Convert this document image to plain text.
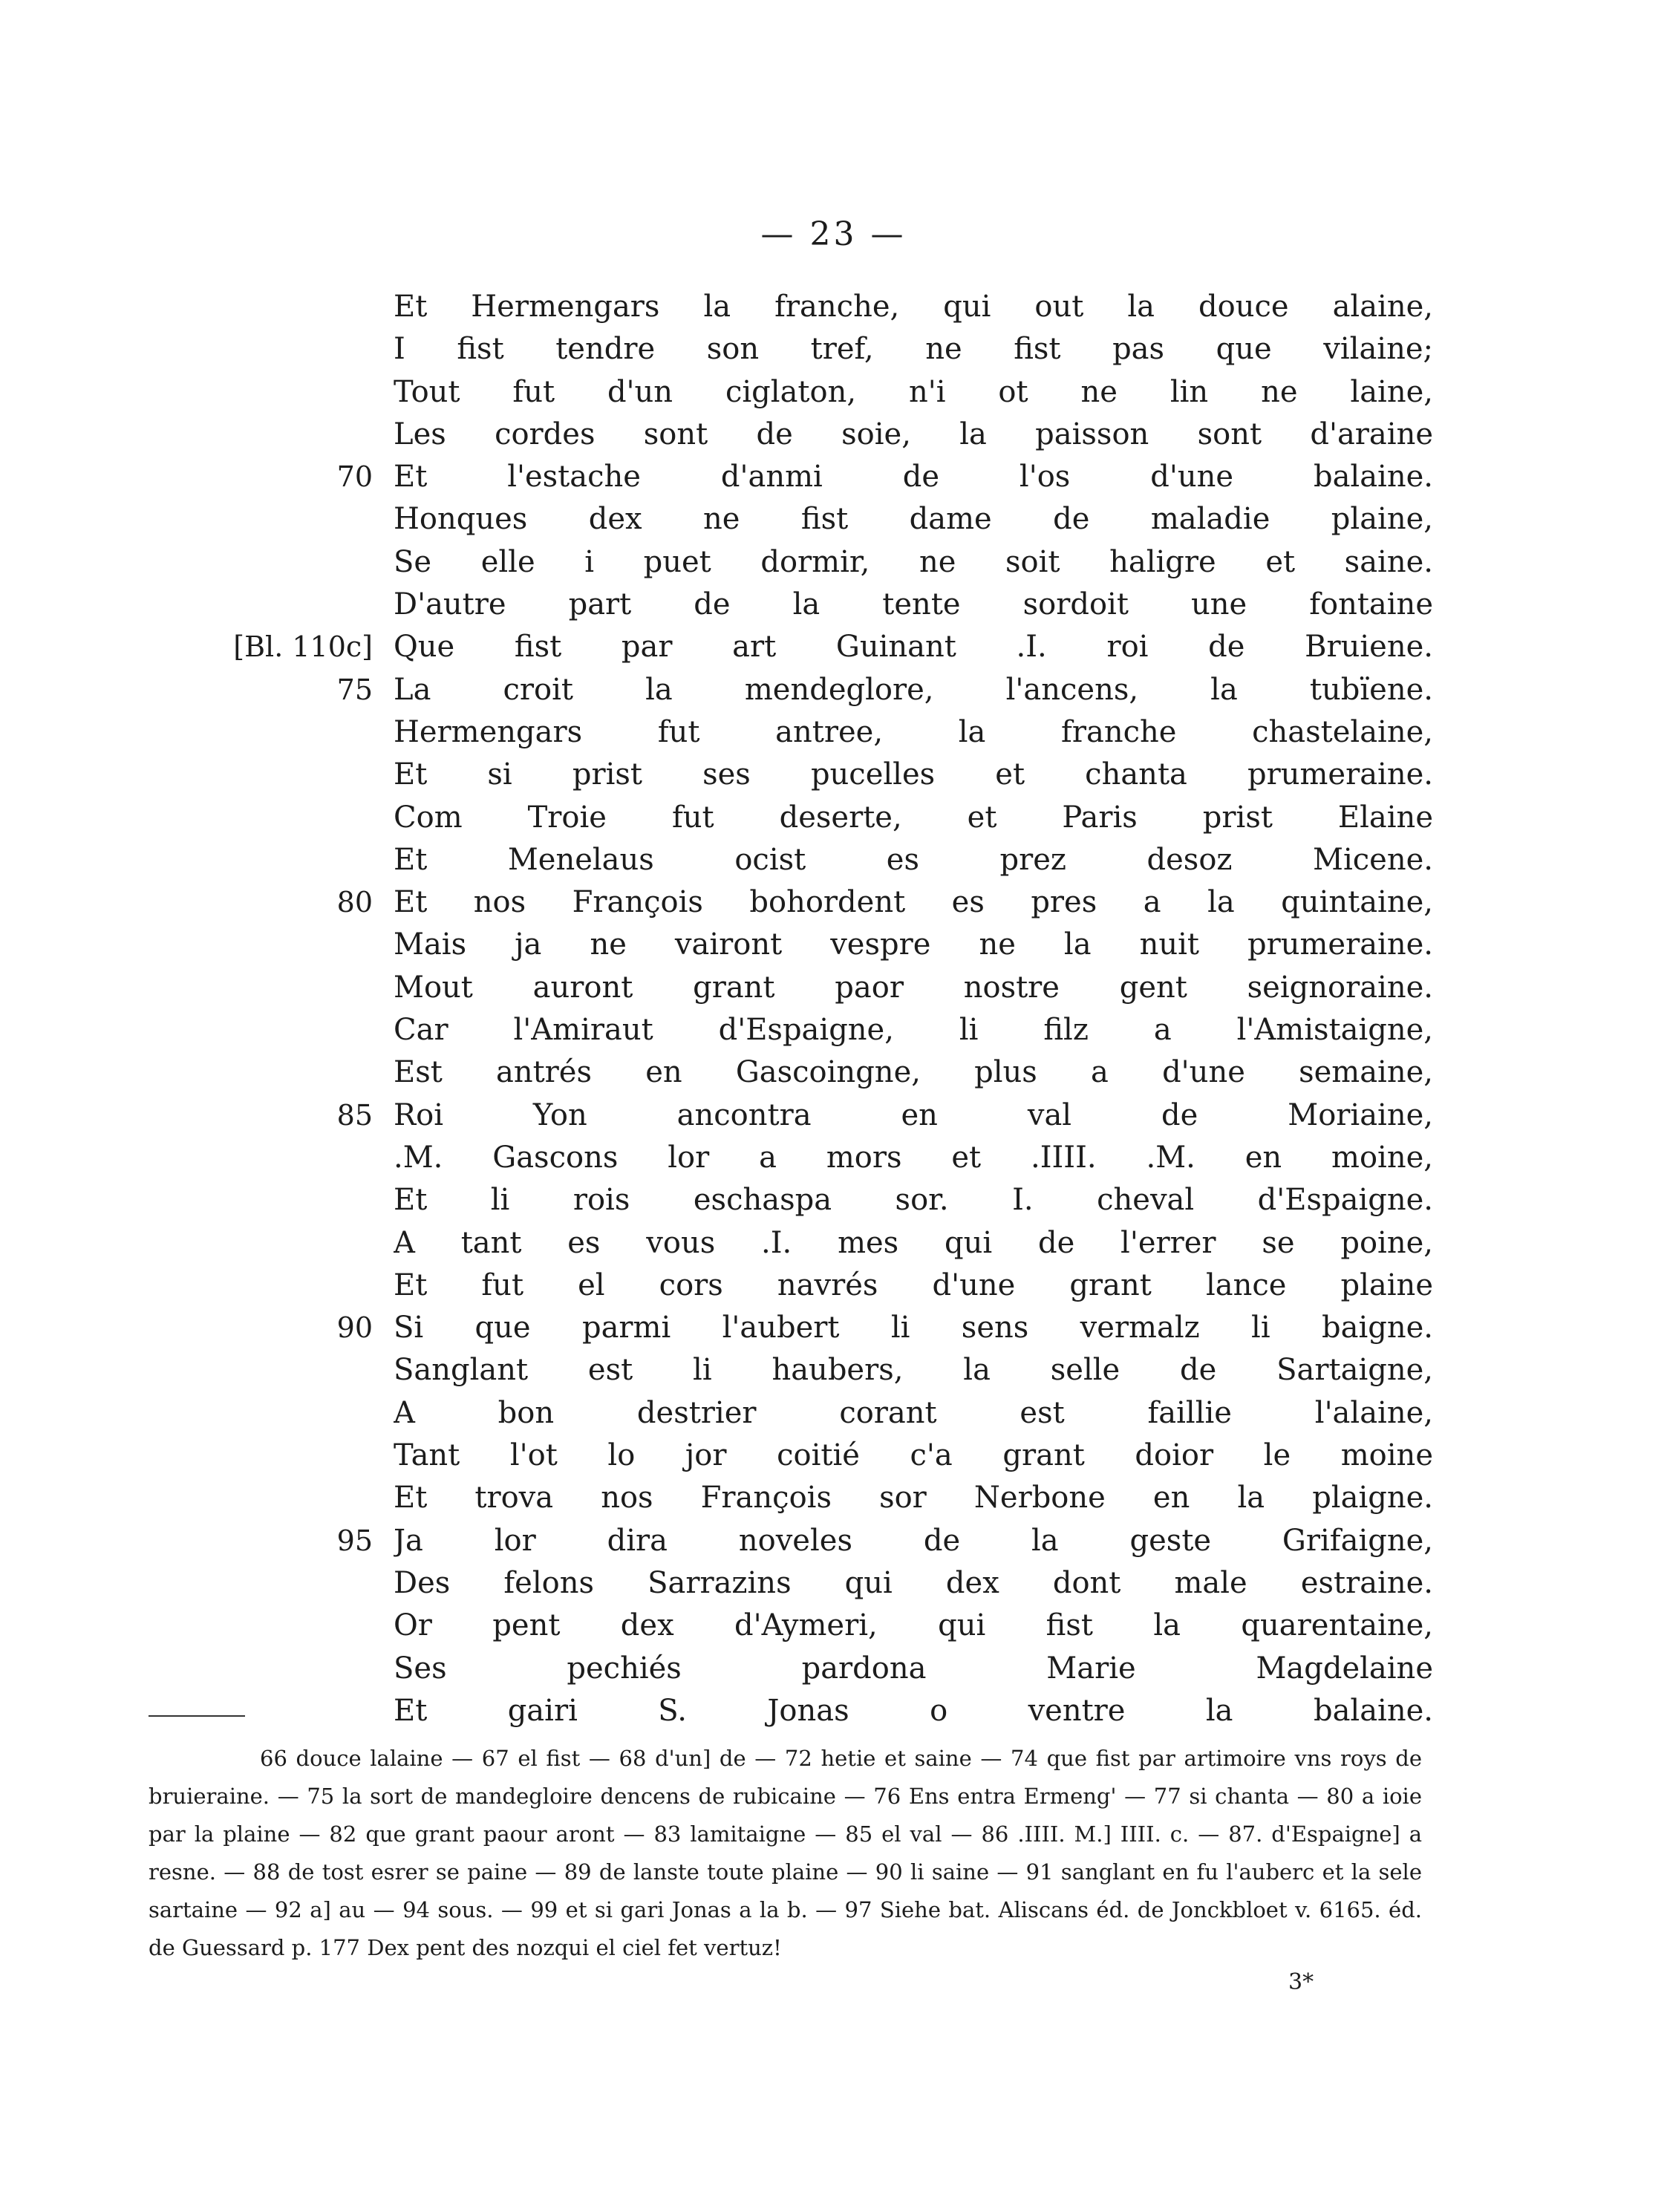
— 23 —
Et Hermengars la franche, qui out la douce alaine,
I fist tendre son tref, ne fist pas que vilaine;
Tout fut d'un ciglaton, n'i ot ne lin ne laine,
Les cordes sont de soie, la paisson sont d'araine
70 Et l'estache d'anmi de l'os d'une balaine.
Honques dex ne fist dame de maladie plaine,
Se elle i puet dormir, ne soit haligre et saine.
D'autre part de la tente sordoit une fontaine
[Bl. 110c] Que fist par art Guinant .I. roi de Bruiene.
75 La croit la mendeglore, l'ancens, la tubïene.
Hermengars fut antree, la franche chastelaine,
Et si prist ses pucelles et chanta prumeraine.
Com Troie fut deserte, et Paris prist Elaine
Et Menelaus ocist es prez desoz Micene.
80 Et nos François bohordent es pres a la quintaine,
Mais ja ne vairont vespre ne la nuit prumeraine.
Mout auront grant paor nostre gent seignoraine.
Car l'Amiraut d'Espaigne, li filz a l'Amistaigne,
Est antrés en Gascoingne, plus a d'une semaine,
85 Roi Yon ancontra en val de Moriaine,
.M. Gascons lor a mors et .IIII. .M. en moine,
Et li rois eschaspa sor. I. cheval d'Espaigne.
A tant es vous .I. mes qui de l'errer se poine,
Et fut el cors navrés d'une grant lance plaine
90 Si que parmi l'aubert li sens vermalz li baigne.
Sanglant est li haubers, la selle de Sartaigne,
A bon destrier corant est faillie l'alaine,
Tant l'ot lo jor coitié c'a grant doior le moine
Et trova nos François sor Nerbone en la plaigne.
95 Ja lor dira noveles de la geste Grifaigne,
Des felons Sarrazins qui dex dont male estraine.
Or pent dex d'Aymeri, qui fist la quarentaine,
Ses pechiés pardona Marie Magdelaine
Et gairi S. Jonas o ventre la balaine.
66 douce lalaine — 67 el fist — 68 d'un] de — 72 hetie et saine — 74 que fist par artimoire vns roys de bruieraine. — 75 la sort de mandegloire dencens de rubicaine — 76 Ens entra Ermeng' — 77 si chanta — 80 a ioie par la plaine — 82 que grant paour aront — 83 lamitaigne — 85 el val — 86 .IIII. M.] IIII. c. — 87. d'Espaigne] a resne. — 88 de tost esrer se paine — 89 de lanste toute plaine — 90 li saine — 91 sanglant en fu l'auberc et la sele sartaine — 92 a] au — 94 sous. — 99 et si gari Jonas a la b. — 97 Siehe bat. Aliscans éd. de Jonckbloet v. 6165. éd. de Guessard p. 177 Dex pent des nozqui el ciel fet vertuz!
3*
